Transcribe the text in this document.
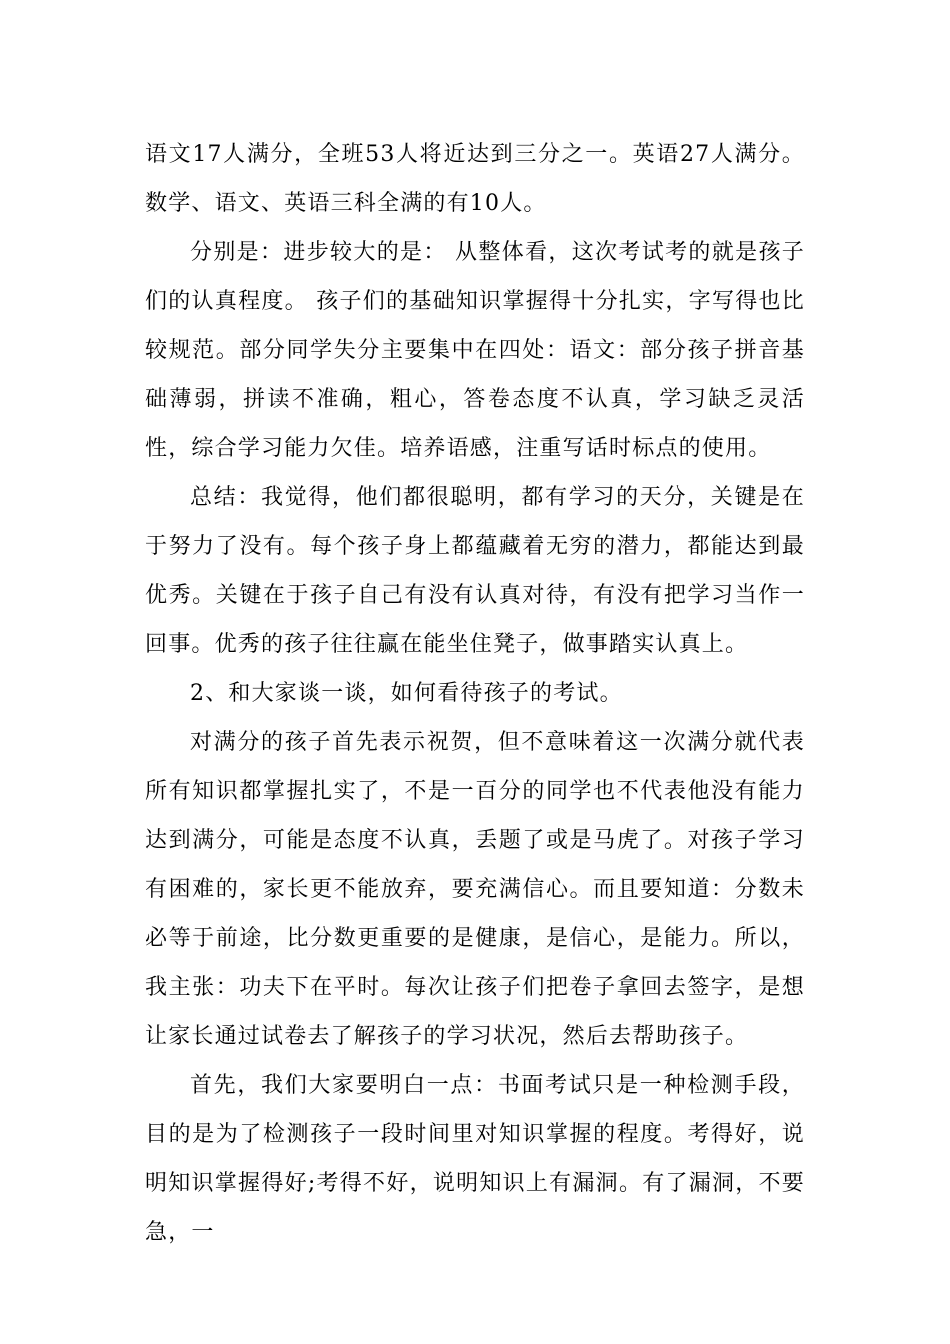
语文17人满分，全班53人将近达到三分之一。英语27人满分。数学、语文、英语三科全满的有10人。

分别是：进步较大的是： 从整体看，这次考试考的就是孩子们的认真程度。 孩子们的基础知识掌握得十分扎实，字写得也比较规范。部分同学失分主要集中在四处：语文：部分孩子拼音基础薄弱，拼读不准确，粗心，答卷态度不认真，学习缺乏灵活性，综合学习能力欠佳。培养语感，注重写话时标点的使用。

总结：我觉得，他们都很聪明，都有学习的天分，关键是在于努力了没有。每个孩子身上都蕴藏着无穷的潜力，都能达到最优秀。关键在于孩子自己有没有认真对待，有没有把学习当作一回事。优秀的孩子往往赢在能坐住凳子，做事踏实认真上。

2、和大家谈一谈，如何看待孩子的考试。

对满分的孩子首先表示祝贺，但不意味着这一次满分就代表所有知识都掌握扎实了，不是一百分的同学也不代表他没有能力达到满分，可能是态度不认真，丢题了或是马虎了。对孩子学习有困难的，家长更不能放弃，要充满信心。而且要知道：分数未必等于前途，比分数更重要的是健康，是信心，是能力。所以，我主张：功夫下在平时。每次让孩子们把卷子拿回去签字，是想让家长通过试卷去了解孩子的学习状况，然后去帮助孩子。

首先，我们大家要明白一点：书面考试只是一种检测手段，目的是为了检测孩子一段时间里对知识掌握的程度。考得好，说明知识掌握得好;考得不好，说明知识上有漏洞。有了漏洞，不要急，一
